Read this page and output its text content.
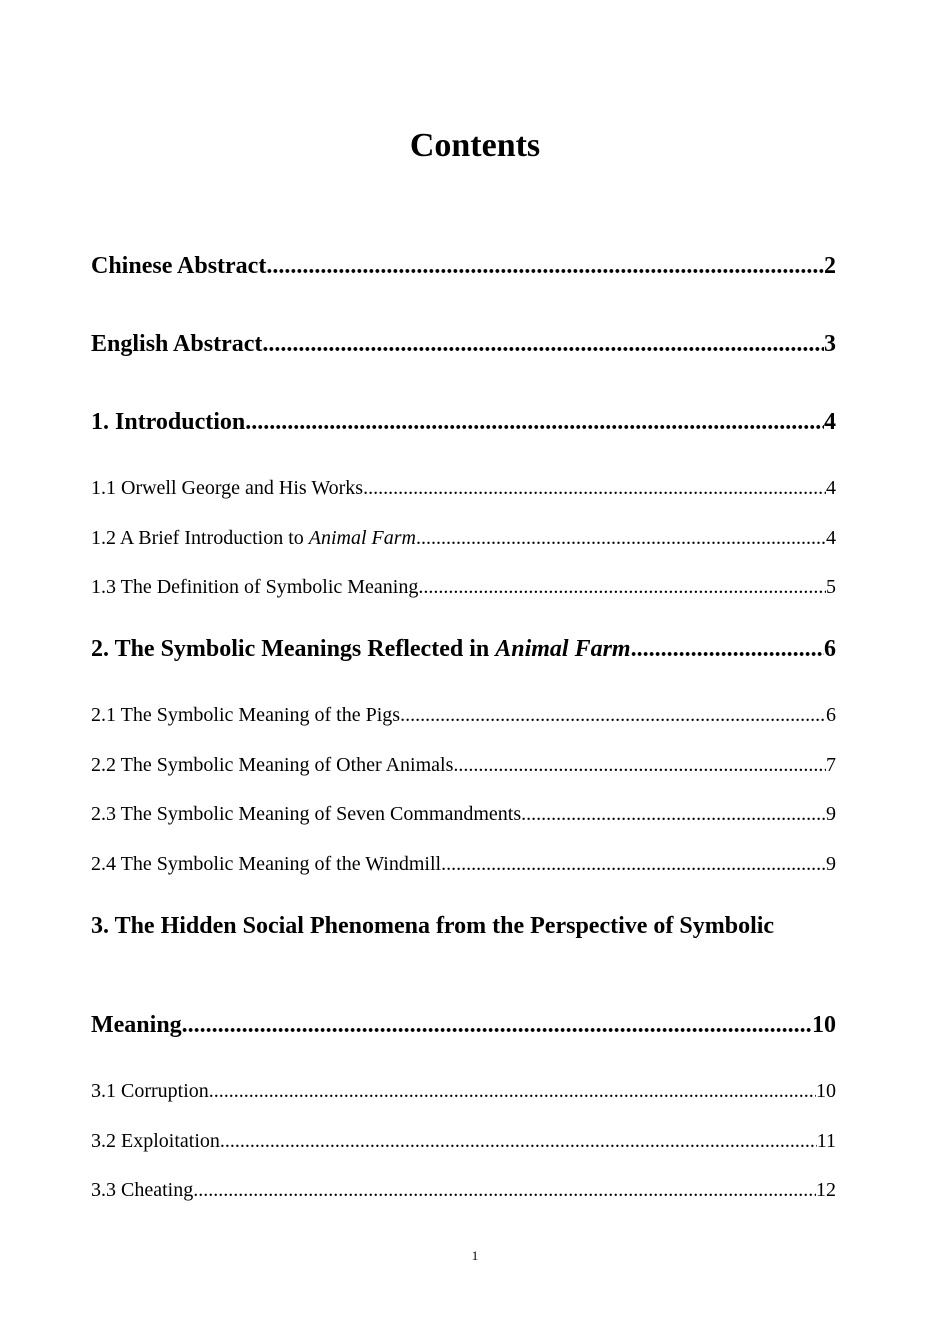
Contents
Chinese Abstract .....	2
English Abstract .....	3
1. Introduction .....	4
1.1 Orwell George and His Works .....	4
1.2 A Brief Introduction to Animal Farm .....	4
1.3 The Definition of Symbolic Meaning .....	5
2. The Symbolic Meanings Reflected in Animal Farm .....	6
2.1 The Symbolic Meaning of the Pigs .....	6
2.2 The Symbolic Meaning of Other Animals .....	7
2.3 The Symbolic Meaning of Seven Commandments .....	9
2.4 The Symbolic Meaning of the Windmill .....	9
3. The Hidden Social Phenomena from the Perspective of Symbolic
Meaning .....	10
3.1 Corruption .....	10
3.2 Exploitation .....	11
3.3 Cheating .....	12
1
